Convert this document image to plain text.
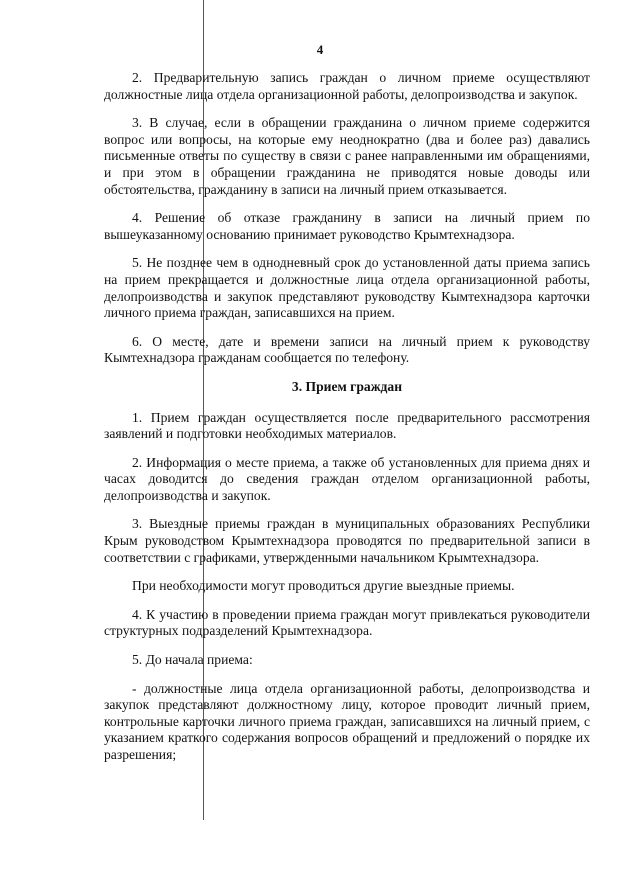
4

2. Предварительную запись граждан о личном приеме осуществляют должностные лица отдела организационной работы, делопроизводства и закупок.

3. В случае, если в обращении гражданина о личном приеме содержится вопрос или вопросы, на которые ему неоднократно (два и более раз) давались письменные ответы по существу в связи с ранее направленными им обращениями, и при этом в обращении гражданина не приводятся новые доводы или обстоятельства, гражданину в записи на личный прием отказывается.

4. Решение об отказе гражданину в записи на личный прием по вышеуказанному основанию принимает руководство Крымтехнадзора.

5. Не позднее чем в однодневный срок до установленной даты приема запись на прием прекращается и должностные лица отдела организационной работы, делопроизводства и закупок представляют руководству Кымтехнадзора карточки личного приема граждан, записавшихся на прием.

6. О месте, дате и времени записи на личный прием к руководству Кымтехнадзора гражданам сообщается по телефону.

3. Прием граждан

1. Прием граждан осуществляется после предварительного рассмотрения заявлений и подготовки необходимых материалов.

2. Информация о месте приема, а также об установленных для приема днях и часах доводится до сведения граждан отделом организационной работы, делопроизводства и закупок.

3. Выездные приемы граждан в муниципальных образованиях Республики Крым руководством Крымтехнадзора проводятся по предварительной записи в соответствии с графиками, утвержденными начальником Крымтехнадзора.

При необходимости могут проводиться другие выездные приемы.

4. К участию в проведении приема граждан могут привлекаться руководители структурных подразделений Крымтехнадзора.

5. До начала приема:

- должностные лица отдела организационной работы, делопроизводства и закупок представляют должностному лицу, которое проводит личный прием, контрольные карточки личного приема граждан, записавшихся на личный прием, с указанием краткого содержания вопросов обращений и предложений о порядке их разрешения;
